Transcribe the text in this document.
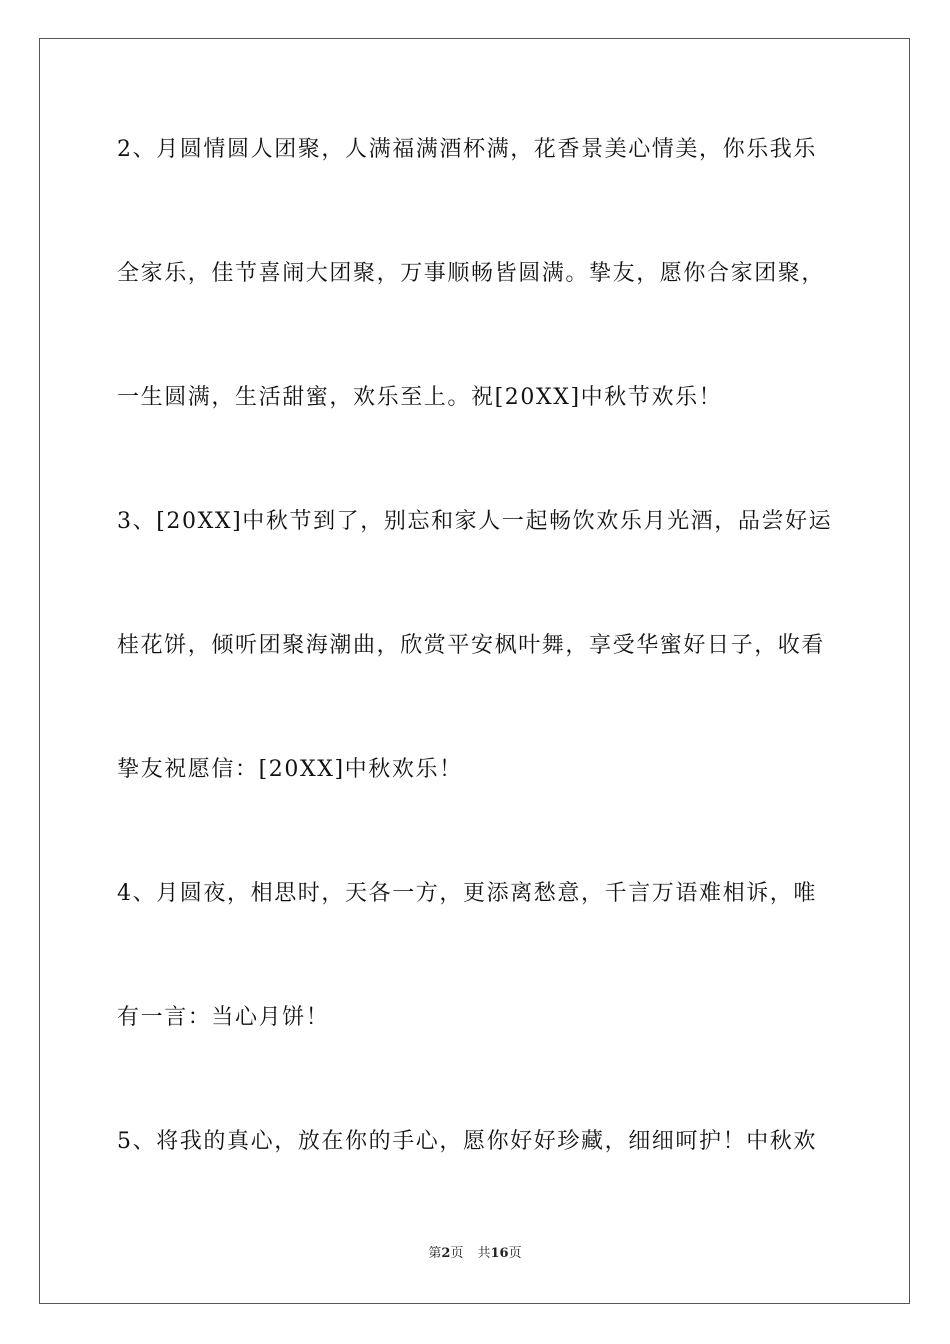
2、月圆情圆人团聚，人满福满酒杯满，花香景美心情美，你乐我乐
全家乐，佳节喜闹大团聚，万事顺畅皆圆满。挚友，愿你合家团聚，
一生圆满，生活甜蜜，欢乐至上。祝[20XX]中秋节欢乐！
3、[20XX]中秋节到了，别忘和家人一起畅饮欢乐月光酒，品尝好运
桂花饼，倾听团聚海潮曲，欣赏平安枫叶舞，享受华蜜好日子，收看
挚友祝愿信：[20XX]中秋欢乐！
4、月圆夜，相思时，天各一方，更添离愁意，千言万语难相诉，唯
有一言：当心月饼！
5、将我的真心，放在你的手心，愿你好好珍藏，细细呵护！中秋欢
第2页 共16页
